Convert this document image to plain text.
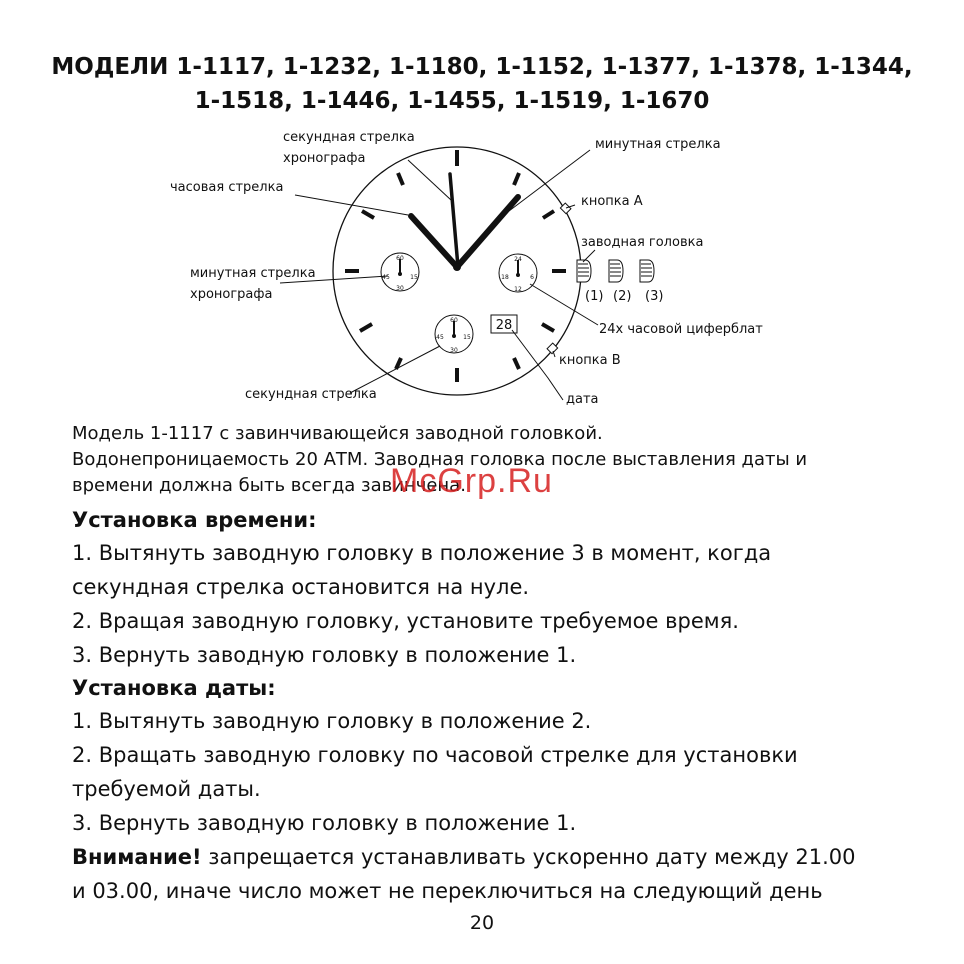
МОДЕЛИ 1-1117, 1-1232, 1-1180, 1-1152, 1-1377, 1-1378, 1-1344,
1-1518, 1-1446, 1-1455, 1-1519, 1-1670
60
15
30
45
60
15
30
45
24
6
12
18
28
(1) (2) (3)
секундная стрелка
хронографа
минутная стрелка
часовая стрелка
кнопка А
заводная головка
минутная стрелка
хронографа
24х часовой циферблат
кнопка В
секундная стрелка	дата

Модель 1-1117 с завинчивающейся заводной головкой.

Водонепроницаемость 20 АТМ. Заводная головка после выставления даты и

времени должна быть всегда завинчена.

McGrp.Ru

Установка времени:

1. Вытянуть заводную головку в положение 3 в момент, когда

секундная стрелка остановится на нуле.

2. Вращая заводную головку, установите требуемое время.

3. Вернуть заводную головку в положение 1.

Установка даты:

1. Вытянуть заводную головку в положение 2.

2. Вращать заводную головку по часовой стрелке для установки

требуемой даты.

3. Вернуть заводную головку в положение 1.

Внимание! запрещается устанавливать ускоренно дату между 21.00

и 03.00, иначе число может не переключиться на следующий день

20
